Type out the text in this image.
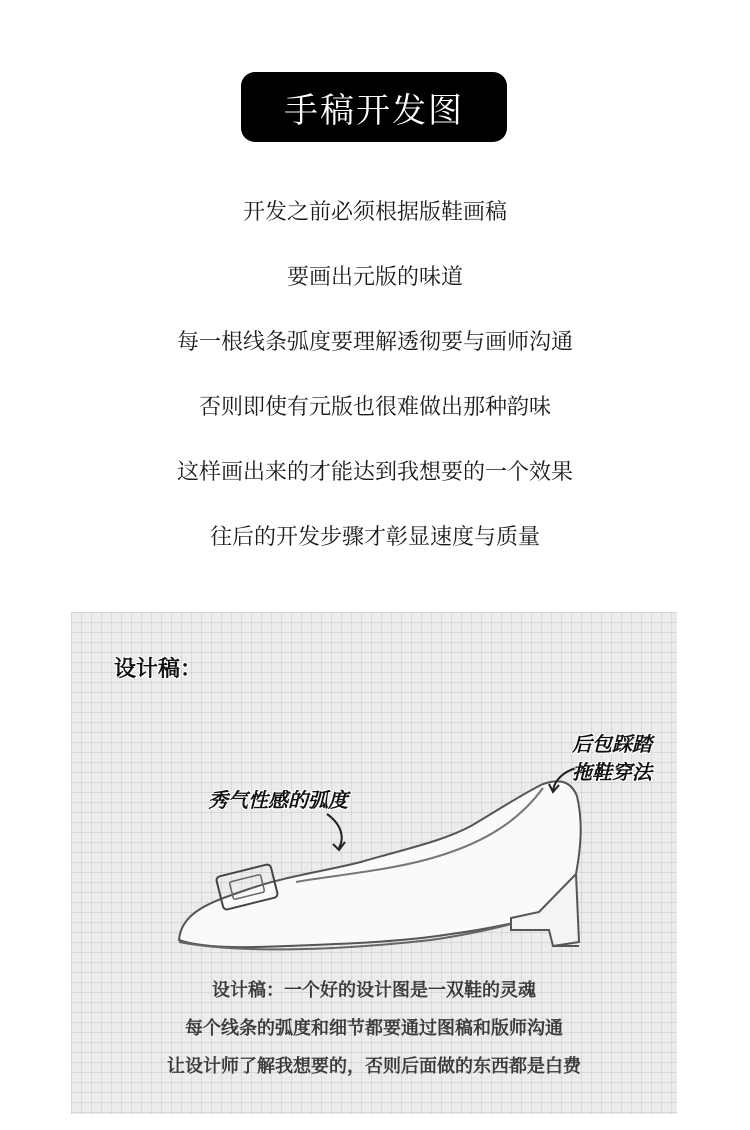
手稿开发图
开发之前必须根据版鞋画稿
要画出元版的味道
每一根线条弧度要理解透彻要与画师沟通
否则即使有元版也很难做出那种韵味
这样画出来的才能达到我想要的一个效果
往后的开发步骤才彰显速度与质量
设计稿：
后包踩踏
拖鞋穿法
秀气性感的弧度
设计稿：一个好的设计图是一双鞋的灵魂
每个线条的弧度和细节都要通过图稿和版师沟通
让设计师了解我想要的，否则后面做的东西都是白费
